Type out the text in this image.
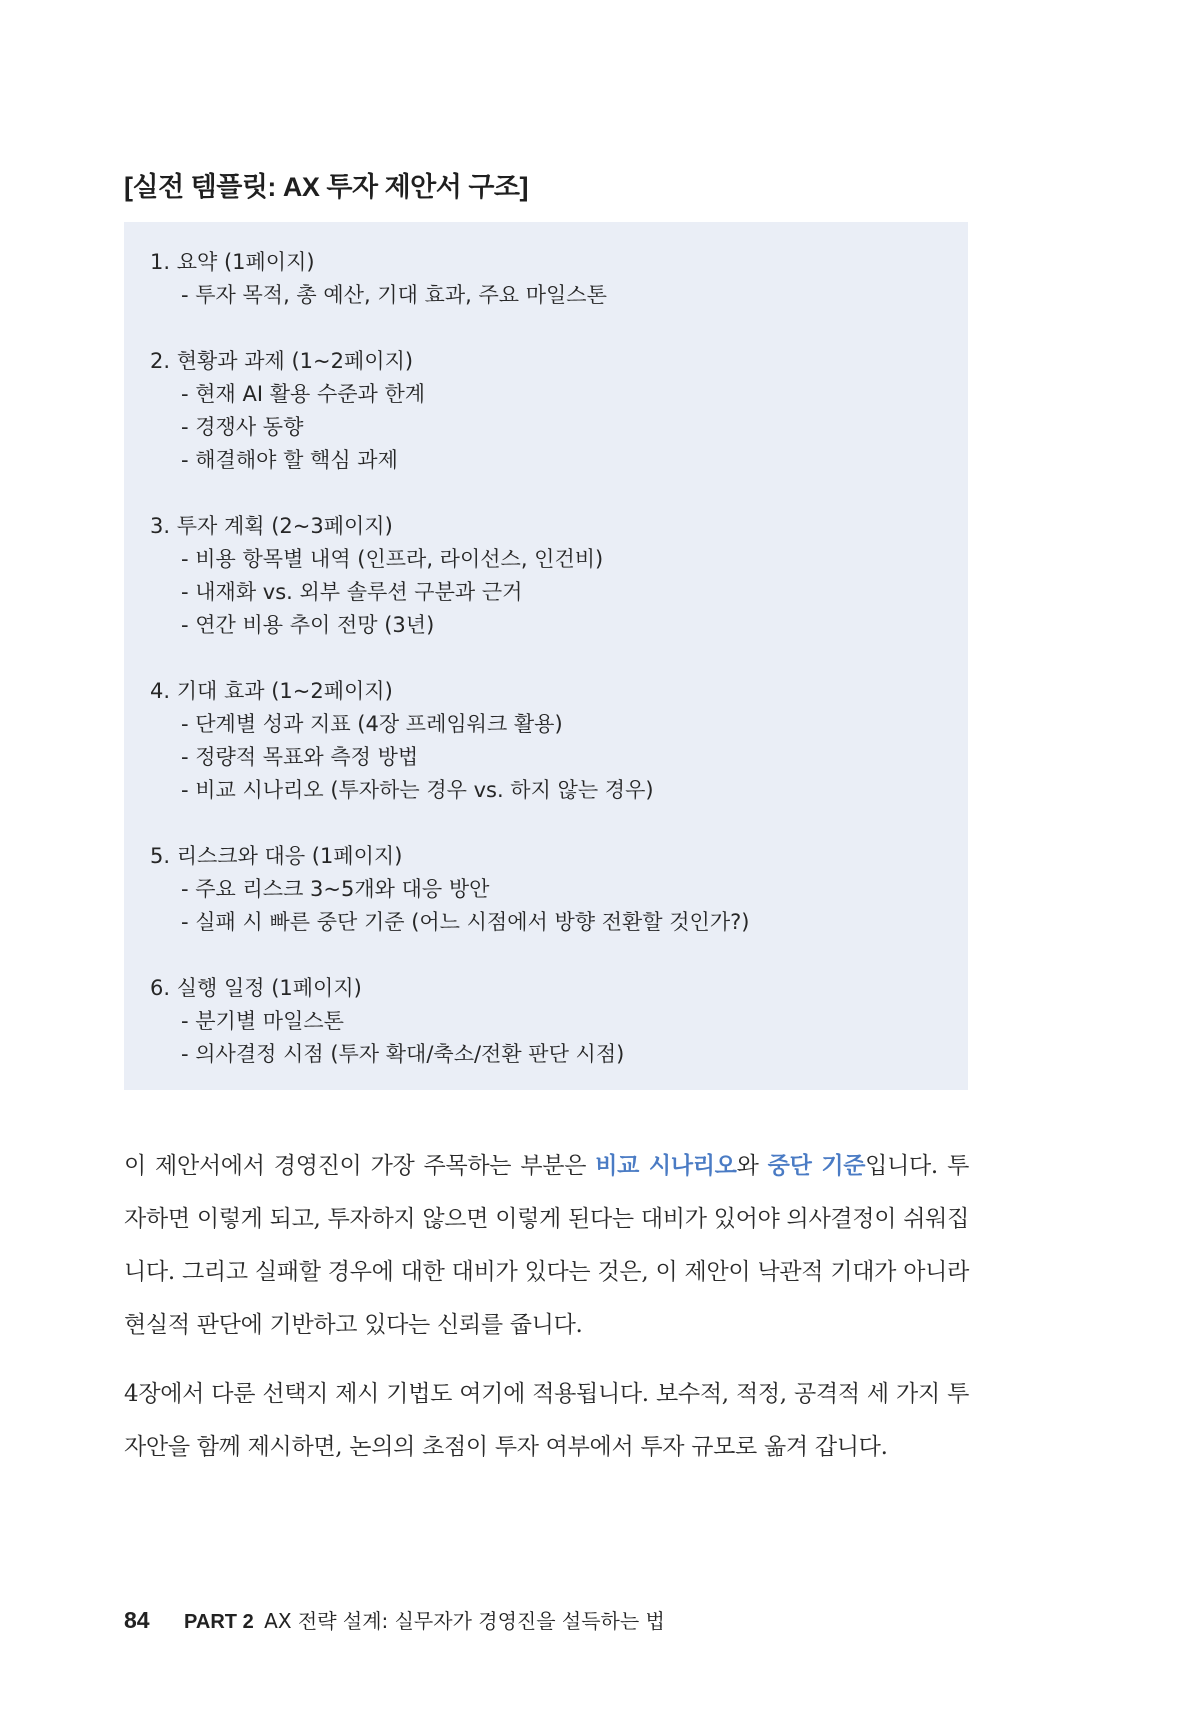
[실전 템플릿: AX 투자 제안서 구조]
1. 요약 (1페이지)
- 투자 목적, 총 예산, 기대 효과, 주요 마일스톤
2. 현황과 과제 (1~2페이지)
- 현재 AI 활용 수준과 한계
- 경쟁사 동향
- 해결해야 할 핵심 과제
3. 투자 계획 (2~3페이지)
- 비용 항목별 내역 (인프라, 라이선스, 인건비)
- 내재화 vs. 외부 솔루션 구분과 근거
- 연간 비용 추이 전망 (3년)
4. 기대 효과 (1~2페이지)
- 단계별 성과 지표 (4장 프레임워크 활용)
- 정량적 목표와 측정 방법
- 비교 시나리오 (투자하는 경우 vs. 하지 않는 경우)
5. 리스크와 대응 (1페이지)
- 주요 리스크 3~5개와 대응 방안
- 실패 시 빠른 중단 기준 (어느 시점에서 방향 전환할 것인가?)
6. 실행 일정 (1페이지)
- 분기별 마일스톤
- 의사결정 시점 (투자 확대/축소/전환 판단 시점)

이 제안서에서 경영진이 가장 주목하는 부분은 비교 시나리오와 중단 기준입니다. 투자하면 이렇게 되고, 투자하지 않으면 이렇게 된다는 대비가 있어야 의사결정이 쉬워집니다. 그리고 실패할 경우에 대한 대비가 있다는 것은, 이 제안이 낙관적 기대가 아니라 현실적 판단에 기반하고 있다는 신뢰를 줍니다.

4장에서 다룬 선택지 제시 기법도 여기에 적용됩니다. 보수적, 적정, 공격적 세 가지 투자안을 함께 제시하면, 논의의 초점이 투자 여부에서 투자 규모로 옮겨 갑니다.

84 PART 2 AX 전략 설계: 실무자가 경영진을 설득하는 법
